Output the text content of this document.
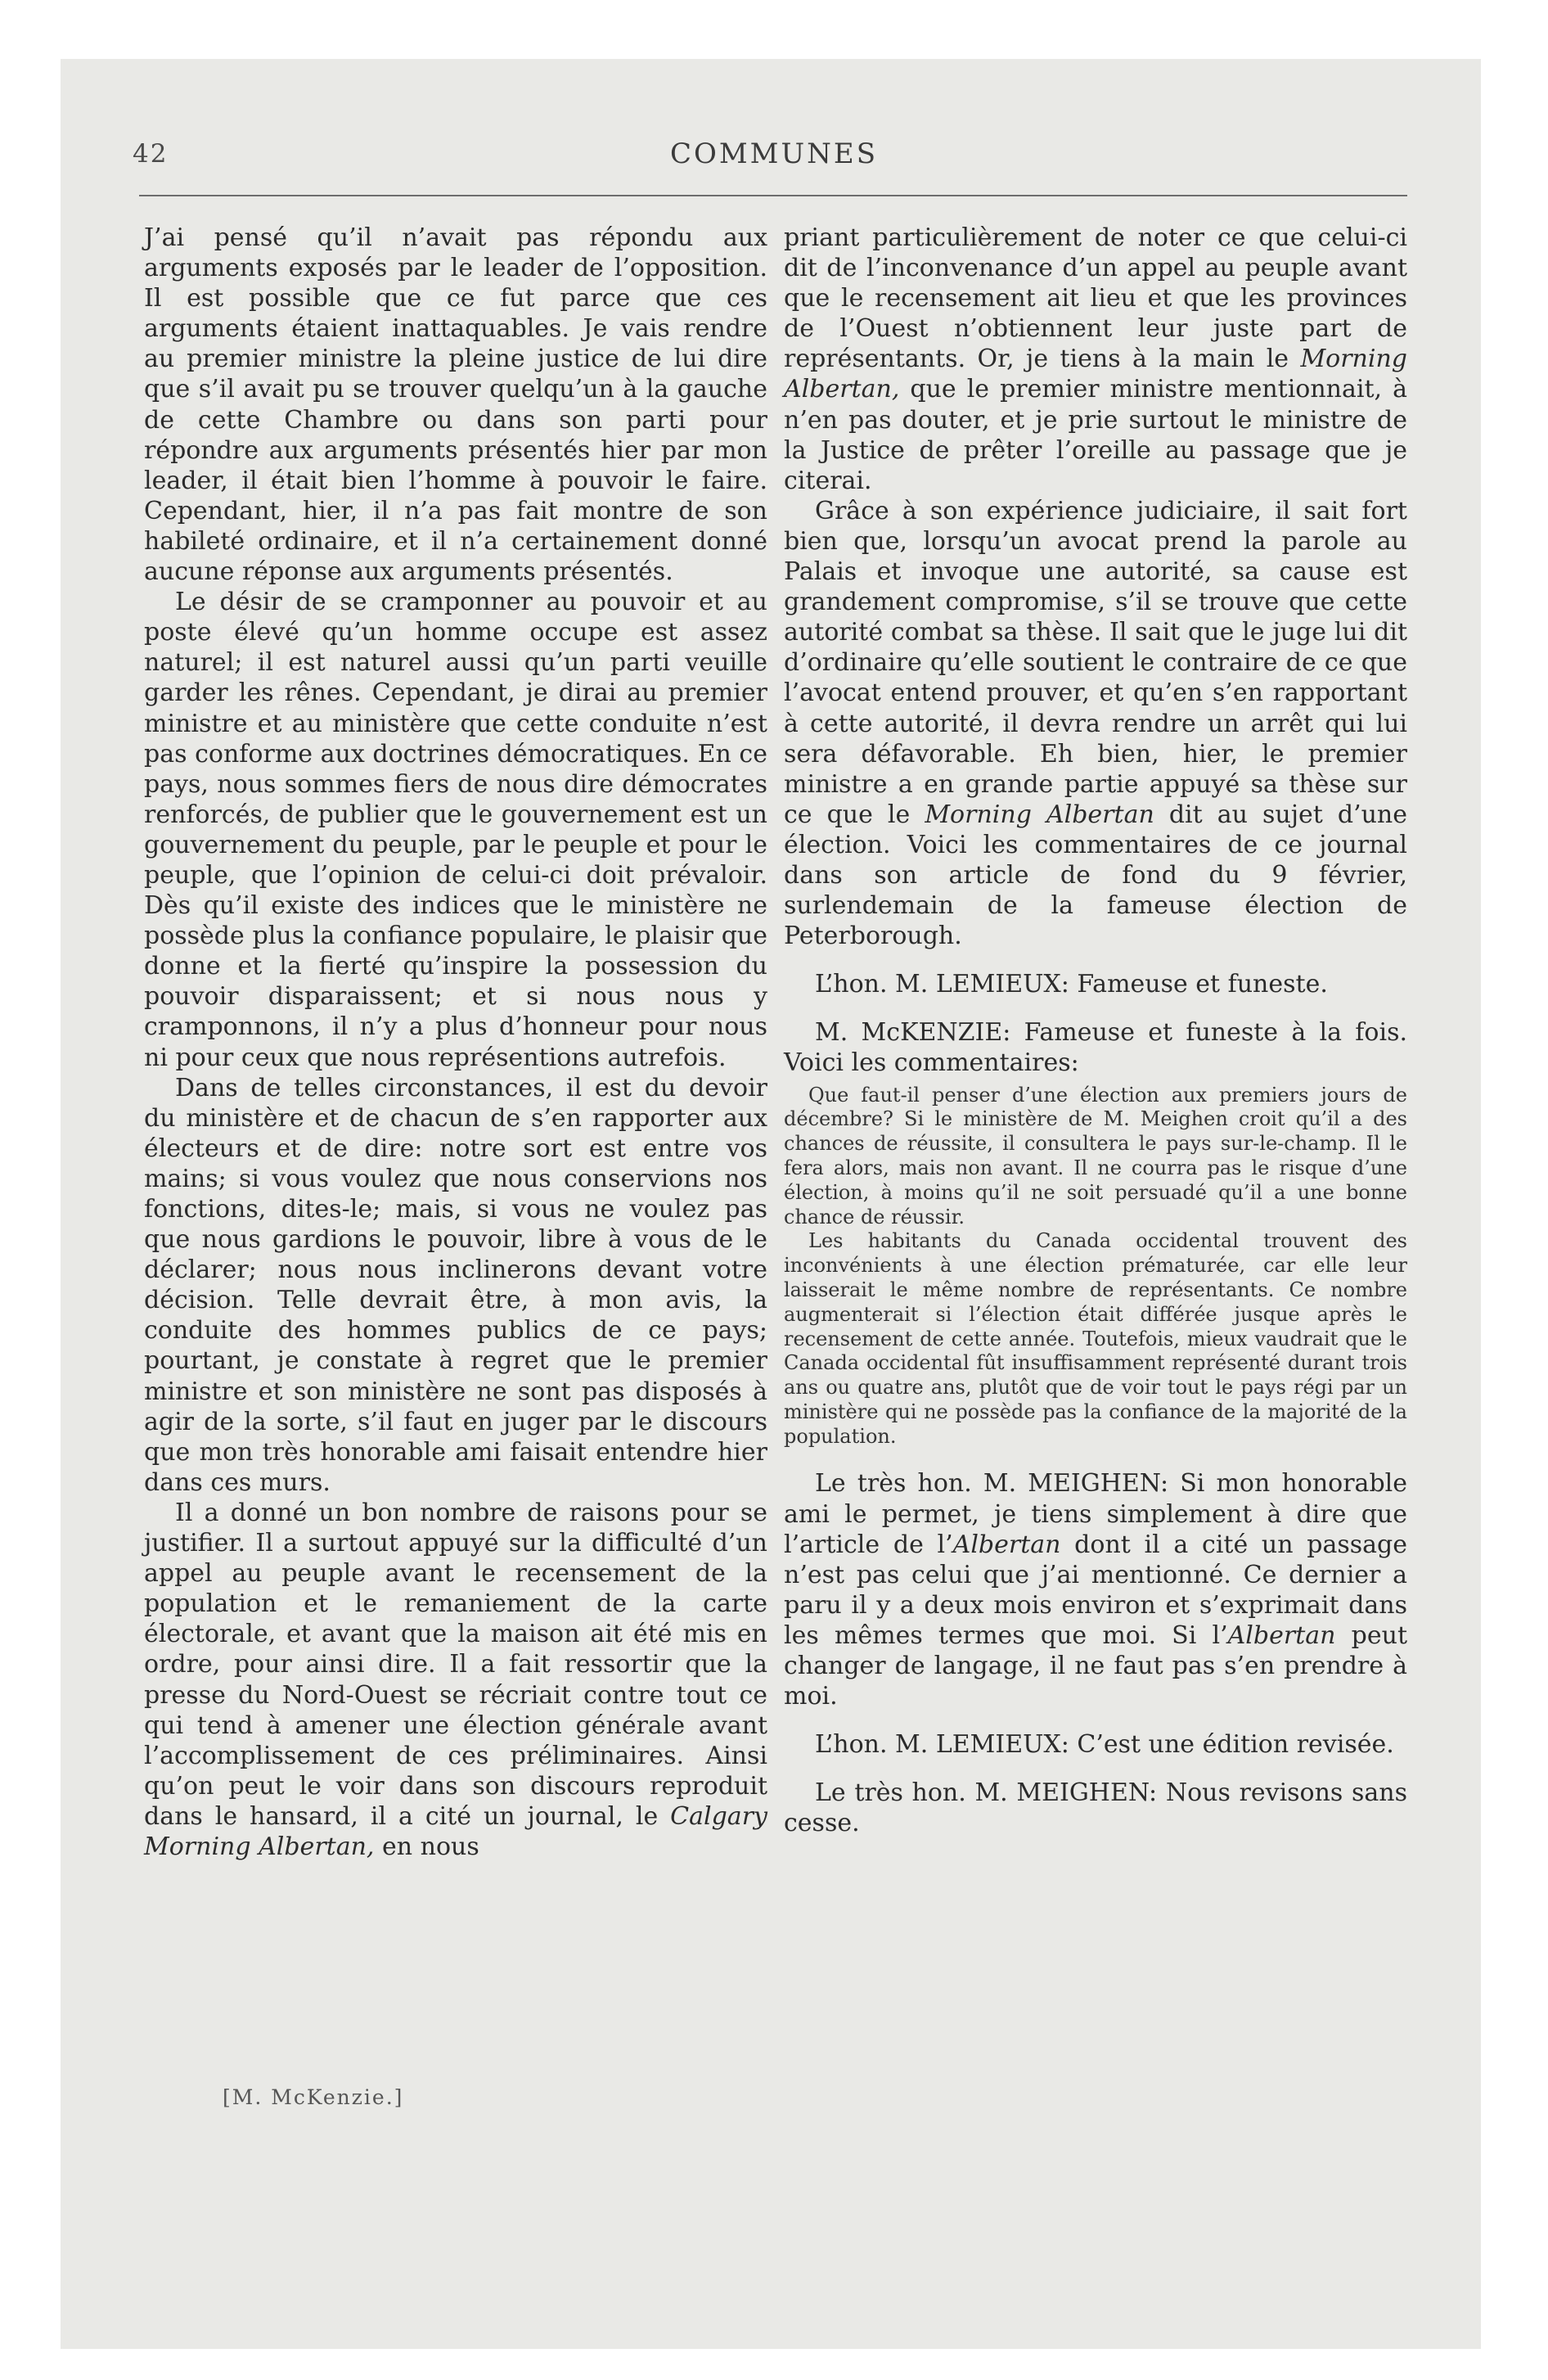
42	COMMUNES

J’ai pensé qu’il n’avait pas répondu aux arguments exposés par le leader de l’opposition. Il est possible que ce fut parce que ces arguments étaient inattaquables. Je vais rendre au premier ministre la pleine justice de lui dire que s’il avait pu se trouver quelqu’un à la gauche de cette Chambre ou dans son parti pour répondre aux arguments présentés hier par mon leader, il était bien l’homme à pouvoir le faire. Cependant, hier, il n’a pas fait montre de son habileté ordinaire, et il n’a certainement donné aucune réponse aux arguments présentés.

Le désir de se cramponner au pouvoir et au poste élevé qu’un homme occupe est assez naturel; il est naturel aussi qu’un parti veuille garder les rênes. Cependant, je dirai au premier ministre et au ministère que cette conduite n’est pas conforme aux doctrines démocratiques. En ce pays, nous sommes fiers de nous dire démocrates renforcés, de publier que le gouvernement est un gouvernement du peuple, par le peuple et pour le peuple, que l’opinion de celui-ci doit prévaloir. Dès qu’il existe des indices que le ministère ne possède plus la confiance populaire, le plaisir que donne et la fierté qu’inspire la possession du pouvoir disparaissent; et si nous nous y cramponnons, il n’y a plus d’honneur pour nous ni pour ceux que nous représentions autrefois.

Dans de telles circonstances, il est du devoir du ministère et de chacun de s’en rapporter aux électeurs et de dire: notre sort est entre vos mains; si vous voulez que nous conservions nos fonctions, dites-le; mais, si vous ne voulez pas que nous gardions le pouvoir, libre à vous de le déclarer; nous nous inclinerons devant votre décision. Telle devrait être, à mon avis, la conduite des hommes publics de ce pays; pourtant, je constate à regret que le premier ministre et son ministère ne sont pas disposés à agir de la sorte, s’il faut en juger par le discours que mon très honorable ami faisait entendre hier dans ces murs.

Il a donné un bon nombre de raisons pour se justifier. Il a surtout appuyé sur la difficulté d’un appel au peuple avant le recensement de la population et le remaniement de la carte électorale, et avant que la maison ait été mis en ordre, pour ainsi dire. Il a fait ressortir que la presse du Nord-Ouest se récriait contre tout ce qui tend à amener une élection générale avant l’accomplissement de ces préliminaires. Ainsi qu’on peut le voir dans son discours reproduit dans le hansard, il a cité un journal, le Calgary Morning Albertan, en nous

[M. McKenzie.]

priant particulièrement de noter ce que celui-ci dit de l’inconvenance d’un appel au peuple avant que le recensement ait lieu et que les provinces de l’Ouest n’obtiennent leur juste part de représentants. Or, je tiens à la main le Morning Albertan, que le premier ministre mentionnait, à n’en pas douter, et je prie surtout le ministre de la Justice de prêter l’oreille au passage que je citerai.

Grâce à son expérience judiciaire, il sait fort bien que, lorsqu’un avocat prend la parole au Palais et invoque une autorité, sa cause est grandement compromise, s’il se trouve que cette autorité combat sa thèse. Il sait que le juge lui dit d’ordinaire qu’elle soutient le contraire de ce que l’avocat entend prouver, et qu’en s’en rapportant à cette autorité, il devra rendre un arrêt qui lui sera défavorable. Eh bien, hier, le premier ministre a en grande partie appuyé sa thèse sur ce que le Morning Albertan dit au sujet d’une élection. Voici les commentaires de ce journal dans son article de fond du 9 février, surlendemain de la fameuse élection de Peterborough.

L’hon. M. LEMIEUX: Fameuse et funeste.

M. McKENZIE: Fameuse et funeste à la fois. Voici les commentaires:

Que faut-il penser d’une élection aux premiers jours de décembre? Si le ministère de M. Meighen croit qu’il a des chances de réussite, il consultera le pays sur-le-champ. Il le fera alors, mais non avant. Il ne courra pas le risque d’une élection, à moins qu’il ne soit persuadé qu’il a une bonne chance de réussir.

Les habitants du Canada occidental trouvent des inconvénients à une élection prématurée, car elle leur laisserait le même nombre de représentants. Ce nombre augmenterait si l’élection était différée jusque après le recensement de cette année. Toutefois, mieux vaudrait que le Canada occidental fût insuffisamment représenté durant trois ans ou quatre ans, plutôt que de voir tout le pays régi par un ministère qui ne possède pas la confiance de la majorité de la population.

Le très hon. M. MEIGHEN: Si mon honorable ami le permet, je tiens simplement à dire que l’article de l’Albertan dont il a cité un passage n’est pas celui que j’ai mentionné. Ce dernier a paru il y a deux mois environ et s’exprimait dans les mêmes termes que moi. Si l’Albertan peut changer de langage, il ne faut pas s’en prendre à moi.

L’hon. M. LEMIEUX: C’est une édition revisée.

Le très hon. M. MEIGHEN: Nous revisons sans cesse.
